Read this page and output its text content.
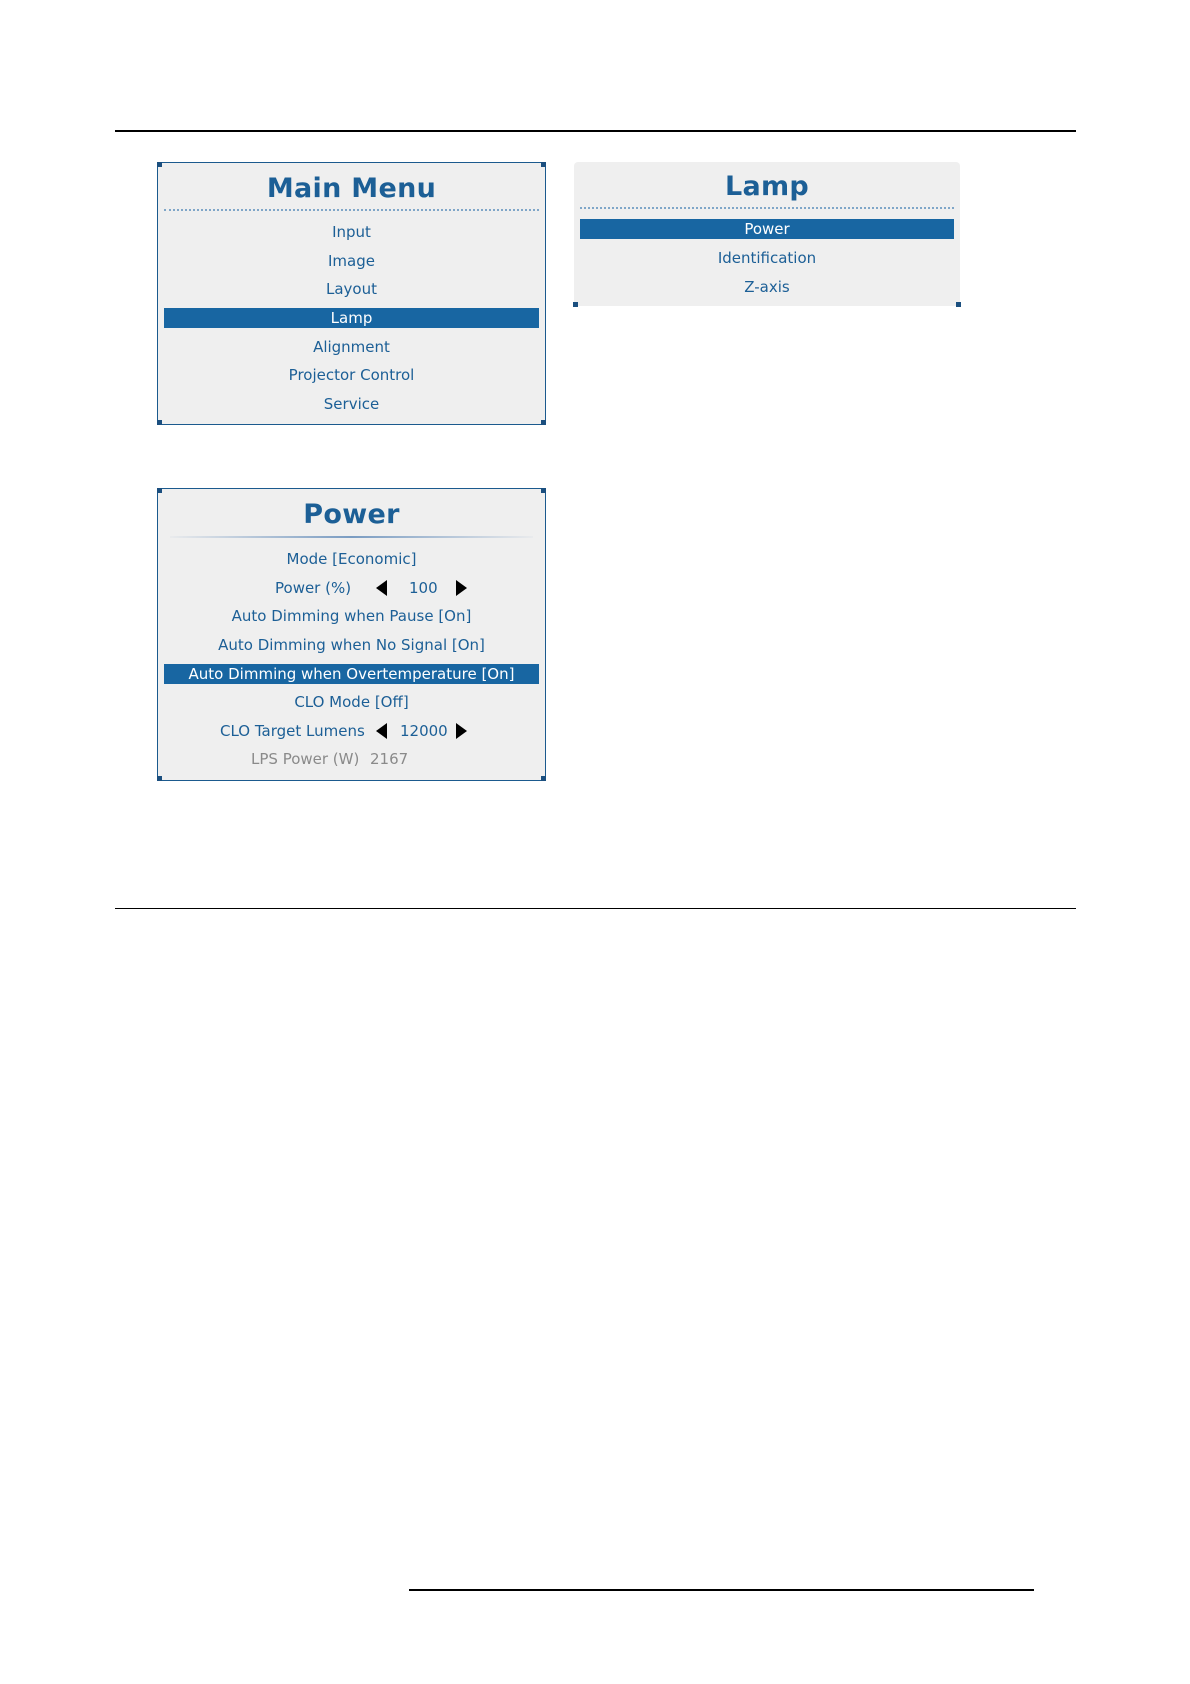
Main Menu
Input
Image
Layout
Lamp
Alignment
Projector Control
Service
Lamp
Power
Identification
Z-axis
Power
Mode [Economic]
Power (%)	100
Auto Dimming when Pause [On]
Auto Dimming when No Signal [On]
Auto Dimming when Overtemperature [On]
CLO Mode [Off]
CLO Target Lumens 12000
LPS Power (W) 2167
